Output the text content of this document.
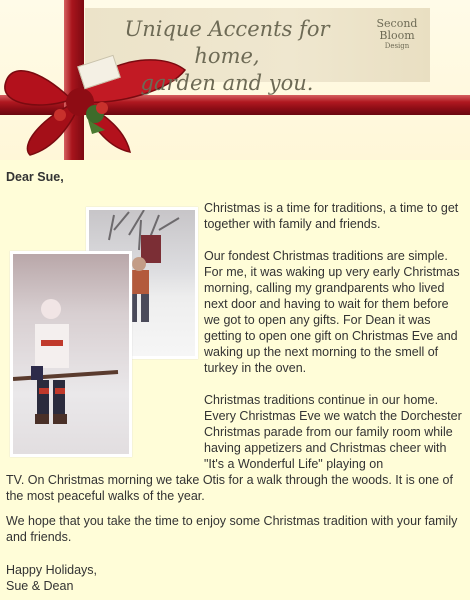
Unique Accents for home,
garden and you.
Second
Bloom
Design
Dear Sue,
Christmas is a time for traditions, a time to get together with family and friends.
Our fondest Christmas traditions are simple. For me, it was waking up very early Christmas morning, calling my grandparents who lived next door and having to wait for them before we got to open any gifts. For Dean it was getting to open one gift on Christmas Eve and waking up the next morning to the smell of turkey in the oven.
Christmas traditions continue in our home. Every Christmas Eve we watch the Dorchester Christmas parade from our family room while having appetizers and Christmas cheer with "It's a Wonderful Life" playing on
TV. On Christmas morning we take Otis for a walk through the woods. It is one of the most peaceful walks of the year.
We hope that you take the time to enjoy some Christmas tradition with your family and friends.
Happy Holidays,
Sue & Dean
